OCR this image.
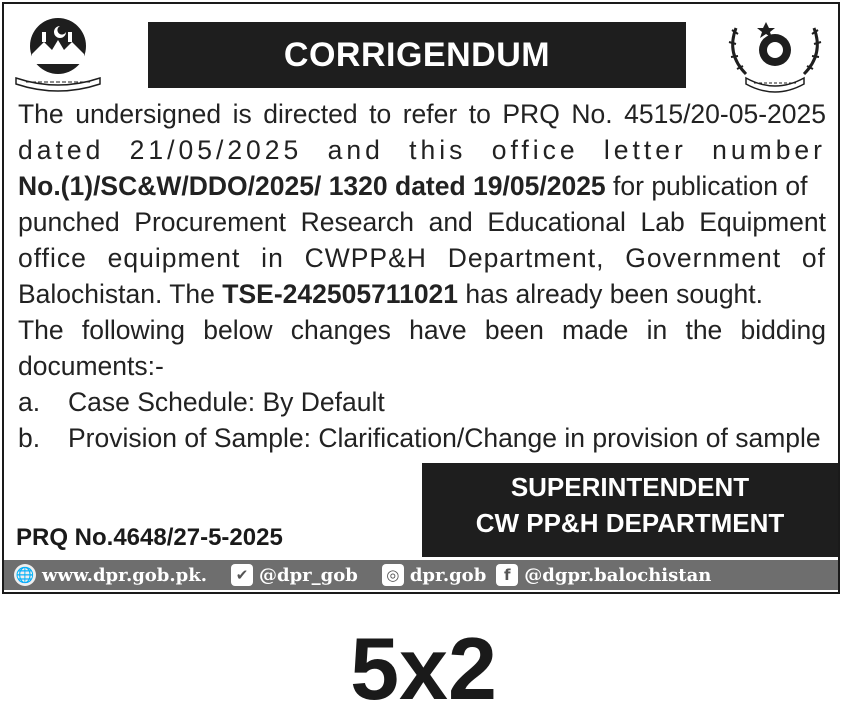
CORRIGENDUM
The undersigned is directed to refer to PRQ No. 4515/20-05-2025
dated 21/05/2025 and this office letter number
No.(1)/SC&W/DDO/2025/ 1320 dated 19/05/2025 for publication of
punched Procurement Research and Educational Lab Equipment
office equipment in CWPP&H Department, Government of
Balochistan. The TSE-242505711021 has already been sought.
The following below changes have been made in the bidding
documents:-
a.	Case Schedule: By Default
b.	Provision of Sample: Clarification/Change in provision of sample
SUPERINTENDENT
CW PP&H DEPARTMENT
PRQ No.4648/27-5-2025
🌐 www.dpr.gob.pk.	✔ @dpr_gob ◎ dpr.gob	f @dgpr.balochistan
5x2
